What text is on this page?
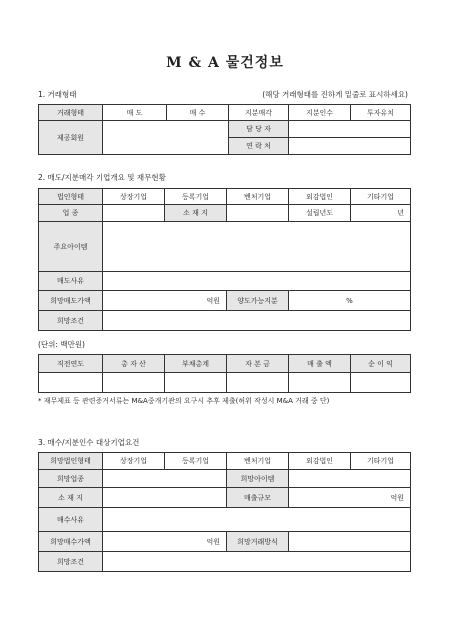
M & A 물건정보
1. 거래형태	(해당 거래형태를 진하게 밑줄로 표시하세요)
거래형태	매 도	매 수	지분매각	지분인수	투자유치
제공회원			담 당 자		
			연 락 처		
2. 매도/지분매각 기업개요 및 재무현황
법인형태	상장기업	등록기업	벤처기업	외감법인	기타기업
업 종		소 재 지		설립년도	년
주요아이템					
매도사유					
희망매도가액	억원		양도가능지분	%	
희망조건					
(단위: 백만원)
직전연도	총 자 산	부채총계	자 본 금	매 출 액	순 이 익

* 재무제표 등 관련증거서류는 M&A중개기관의 요구시 추후 제출(허위 작성시 M&A 거래 중 단)
3. 매수/지분인수 대상기업요건
희망법인형태	상장기업	등록기업	벤처기업	외감법인	기타기업
희망업종			희망아이템		
소 재 지			매출규모	억원	
매수사유					
희망매수가액	억원		희망거래방식		
희망조건					
